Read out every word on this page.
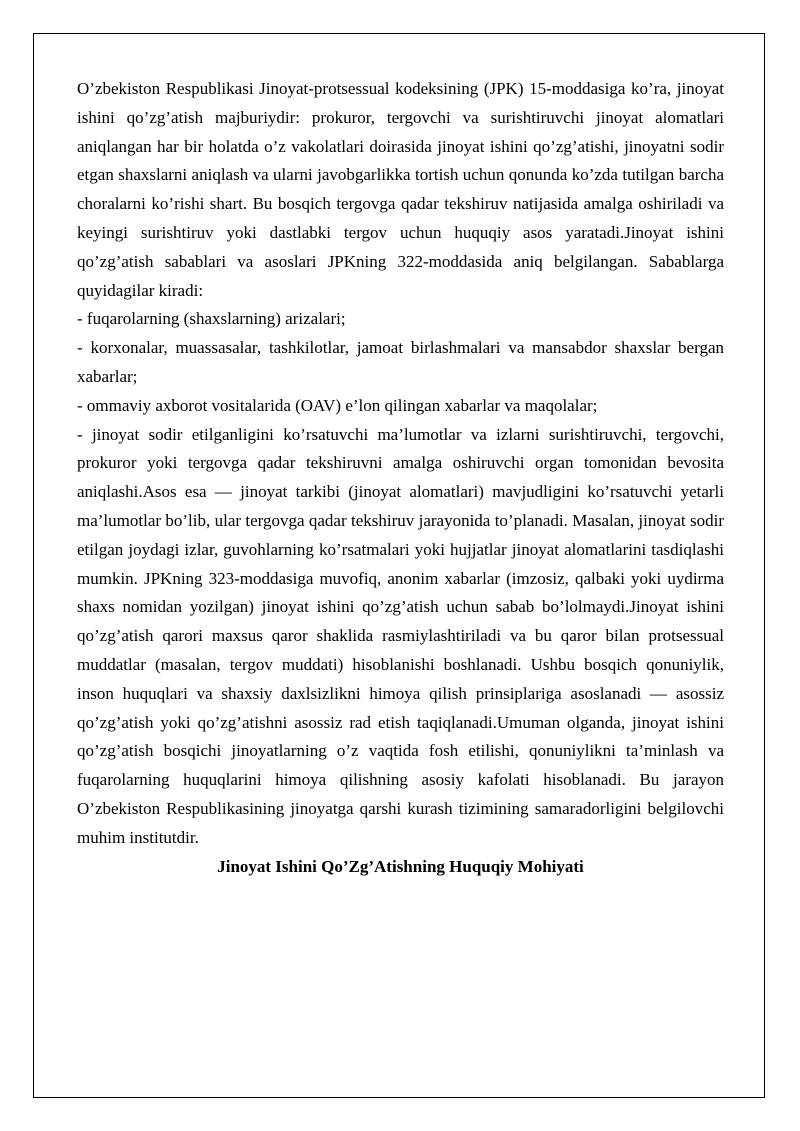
O’zbekiston Respublikasi Jinoyat-protsessual kodeksining (JPK) 15-moddasiga ko’ra, jinoyat ishini qo’zg’atish majburiydir: prokuror, tergovchi va surishtiruvchi jinoyat alomatlari aniqlangan har bir holatda o’z vakolatlari doirasida jinoyat ishini qo’zg’atishi, jinoyatni sodir etgan shaxslarni aniqlash va ularni javobgarlikka tortish uchun qonunda ko’zda tutilgan barcha choralarni ko’rishi shart. Bu bosqich tergovga qadar tekshiruv natijasida amalga oshiriladi va keyingi surishtiruv yoki dastlabki tergov uchun huquqiy asos yaratadi.Jinoyat ishini qo’zg’atish sabablari va asoslari JPKning 322-moddasida aniq belgilangan. Sabablarga quyidagilar kiradi:

- fuqarolarning (shaxslarning) arizalari;

- korxonalar, muassasalar, tashkilotlar, jamoat birlashmalari va mansabdor shaxslar bergan xabarlar;

- ommaviy axborot vositalarida (OAV) e’lon qilingan xabarlar va maqolalar;

- jinoyat sodir etilganligini ko’rsatuvchi ma’lumotlar va izlarni surishtiruvchi, tergovchi, prokuror yoki tergovga qadar tekshiruvni amalga oshiruvchi organ tomonidan bevosita aniqlashi.Asos esa — jinoyat tarkibi (jinoyat alomatlari) mavjudligini ko’rsatuvchi yetarli ma’lumotlar bo’lib, ular tergovga qadar tekshiruv jarayonida to’planadi. Masalan, jinoyat sodir etilgan joydagi izlar, guvohlarning ko’rsatmalari yoki hujjatlar jinoyat alomatlarini tasdiqlashi mumkin. JPKning 323-moddasiga muvofiq, anonim xabarlar (imzosiz, qalbaki yoki uydirma shaxs nomidan yozilgan) jinoyat ishini qo’zg’atish uchun sabab bo’lolmaydi.Jinoyat ishini qo’zg’atish qarori maxsus qaror shaklida rasmiylashtiriladi va bu qaror bilan protsessual muddatlar (masalan, tergov muddati) hisoblanishi boshlanadi. Ushbu bosqich qonuniylik, inson huquqlari va shaxsiy daxlsizlikni himoya qilish prinsiplariga asoslanadi — asossiz qo’zg’atish yoki qo’zg’atishni asossiz rad etish taqiqlanadi.Umuman olganda, jinoyat ishini qo’zg’atish bosqichi jinoyatlarning o’z vaqtida fosh etilishi, qonuniylikni ta’minlash va fuqarolarning huquqlarini himoya qilishning asosiy kafolati hisoblanadi. Bu jarayon O’zbekiston Respublikasining jinoyatga qarshi kurash tizimining samaradorligini belgilovchi muhim institutdir.

Jinoyat Ishini Qo’Zg’Atishning Huquqiy Mohiyati
